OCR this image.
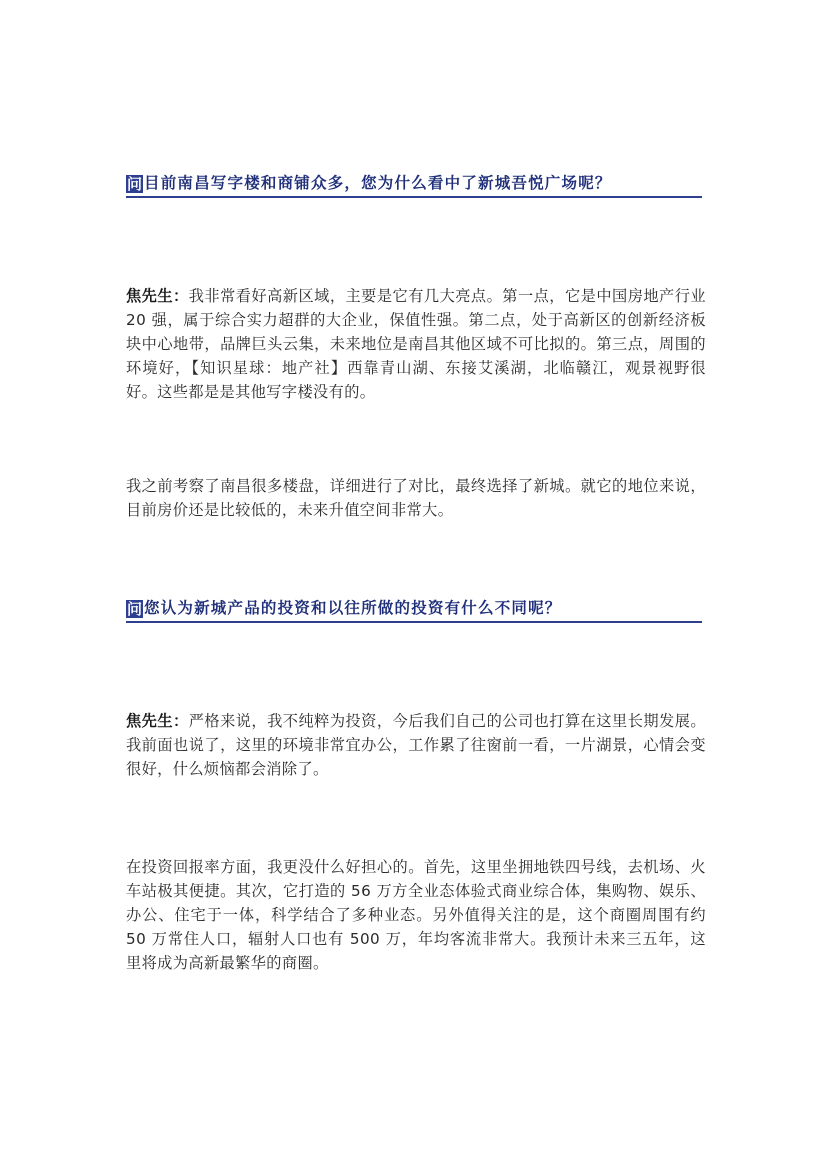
问 目前南昌写字楼和商铺众多，您为什么看中了新城吾悦广场呢？

焦先生：我非常看好高新区域，主要是它有几大亮点。第一点，它是中国房地产行业 20 强，属于综合实力超群的大企业，保值性强。第二点，处于高新区的创新经济板块中心地带，品牌巨头云集，未来地位是南昌其他区域不可比拟的。第三点，周围的环境好，【知识星球：地产社】西靠青山湖、东接艾溪湖，北临赣江，观景视野很好。这些都是是其他写字楼没有的。

我之前考察了南昌很多楼盘，详细进行了对比，最终选择了新城。就它的地位来说，目前房价还是比较低的，未来升值空间非常大。

问 您认为新城产品的投资和以往所做的投资有什么不同呢？

焦先生：严格来说，我不纯粹为投资，今后我们自己的公司也打算在这里长期发展。我前面也说了，这里的环境非常宜办公，工作累了往窗前一看，一片湖景，心情会变很好，什么烦恼都会消除了。

在投资回报率方面，我更没什么好担心的。首先，这里坐拥地铁四号线，去机场、火车站极其便捷。其次，它打造的 56 万方全业态体验式商业综合体，集购物、娱乐、办公、住宅于一体，科学结合了多种业态。另外值得关注的是，这个商圈周围有约 50 万常住人口，辐射人口也有 500 万，年均客流非常大。我预计未来三五年，这里将成为高新最繁华的商圈。
